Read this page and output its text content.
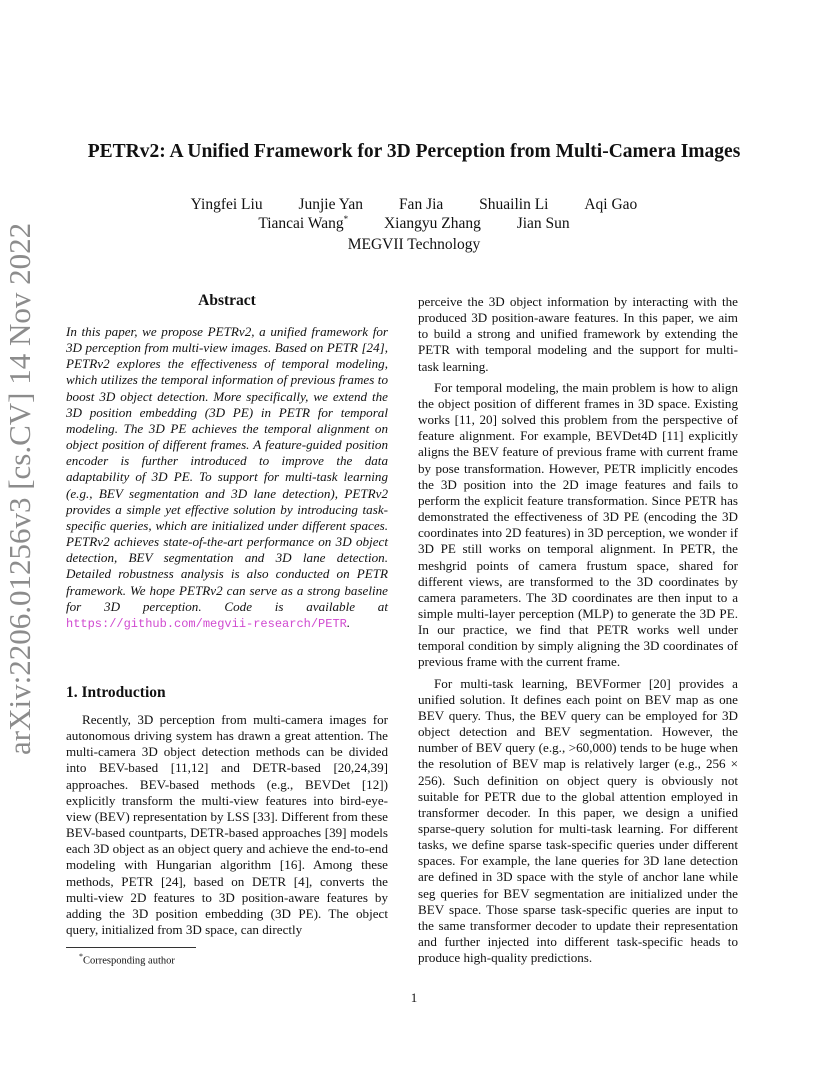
arXiv:2206.01256v3 [cs.CV] 14 Nov 2022
PETRv2: A Unified Framework for 3D Perception from Multi-Camera Images
Yingfei Liu Junjie Yan Fan Jia Shuailin Li Aqi Gao
Tiancai Wang* Xiangyu Zhang Jian Sun
MEGVII Technology
Abstract

In this paper, we propose PETRv2, a unified framework for 3D perception from multi-view images. Based on PETR [24], PETRv2 explores the effectiveness of temporal modeling, which utilizes the temporal information of previous frames to boost 3D object detection. More specifically, we extend the 3D position embedding (3D PE) in PETR for temporal modeling. The 3D PE achieves the temporal alignment on object position of different frames. A feature-guided position encoder is further introduced to improve the data adaptability of 3D PE. To support for multi-task learning (e.g., BEV segmentation and 3D lane detection), PETRv2 provides a simple yet effective solution by introducing task-specific queries, which are initialized under different spaces. PETRv2 achieves state-of-the-art performance on 3D object detection, BEV segmentation and 3D lane detection. Detailed robustness analysis is also conducted on PETR framework. We hope PETRv2 can serve as a strong baseline for 3D perception. Code is available at https://github.com/megvii-research/PETR.

1. Introduction

Recently, 3D perception from multi-camera images for autonomous driving system has drawn a great attention. The multi-camera 3D object detection methods can be divided into BEV-based [11,12] and DETR-based [20,24,39] approaches. BEV-based methods (e.g., BEVDet [12]) explicitly transform the multi-view features into bird-eye-view (BEV) representation by LSS [33]. Different from these BEV-based countparts, DETR-based approaches [39] models each 3D object as an object query and achieve the end-to-end modeling with Hungarian algorithm [16]. Among these methods, PETR [24], based on DETR [4], converts the multi-view 2D features to 3D position-aware features by adding the 3D position embedding (3D PE). The object query, initialized from 3D space, can directly

*Corresponding author

perceive the 3D object information by interacting with the produced 3D position-aware features. In this paper, we aim to build a strong and unified framework by extending the PETR with temporal modeling and the support for multi-task learning.

For temporal modeling, the main problem is how to align the object position of different frames in 3D space. Existing works [11, 20] solved this problem from the perspective of feature alignment. For example, BEVDet4D [11] explicitly aligns the BEV feature of previous frame with current frame by pose transformation. However, PETR implicitly encodes the 3D position into the 2D image features and fails to perform the explicit feature transformation. Since PETR has demonstrated the effectiveness of 3D PE (encoding the 3D coordinates into 2D features) in 3D perception, we wonder if 3D PE still works on temporal alignment. In PETR, the meshgrid points of camera frustum space, shared for different views, are transformed to the 3D coordinates by camera parameters. The 3D coordinates are then input to a simple multi-layer perception (MLP) to generate the 3D PE. In our practice, we find that PETR works well under temporal condition by simply aligning the 3D coordinates of previous frame with the current frame.

For multi-task learning, BEVFormer [20] provides a unified solution. It defines each point on BEV map as one BEV query. Thus, the BEV query can be employed for 3D object detection and BEV segmentation. However, the number of BEV query (e.g., >60,000) tends to be huge when the resolution of BEV map is relatively larger (e.g., 256 × 256). Such definition on object query is obviously not suitable for PETR due to the global attention employed in transformer decoder. In this paper, we design a unified sparse-query solution for multi-task learning. For different tasks, we define sparse task-specific queries under different spaces. For example, the lane queries for 3D lane detection are defined in 3D space with the style of anchor lane while seg queries for BEV segmentation are initialized under the BEV space. Those sparse task-specific queries are input to the same transformer decoder to update their representation and further injected into different task-specific heads to produce high-quality predictions.

1
